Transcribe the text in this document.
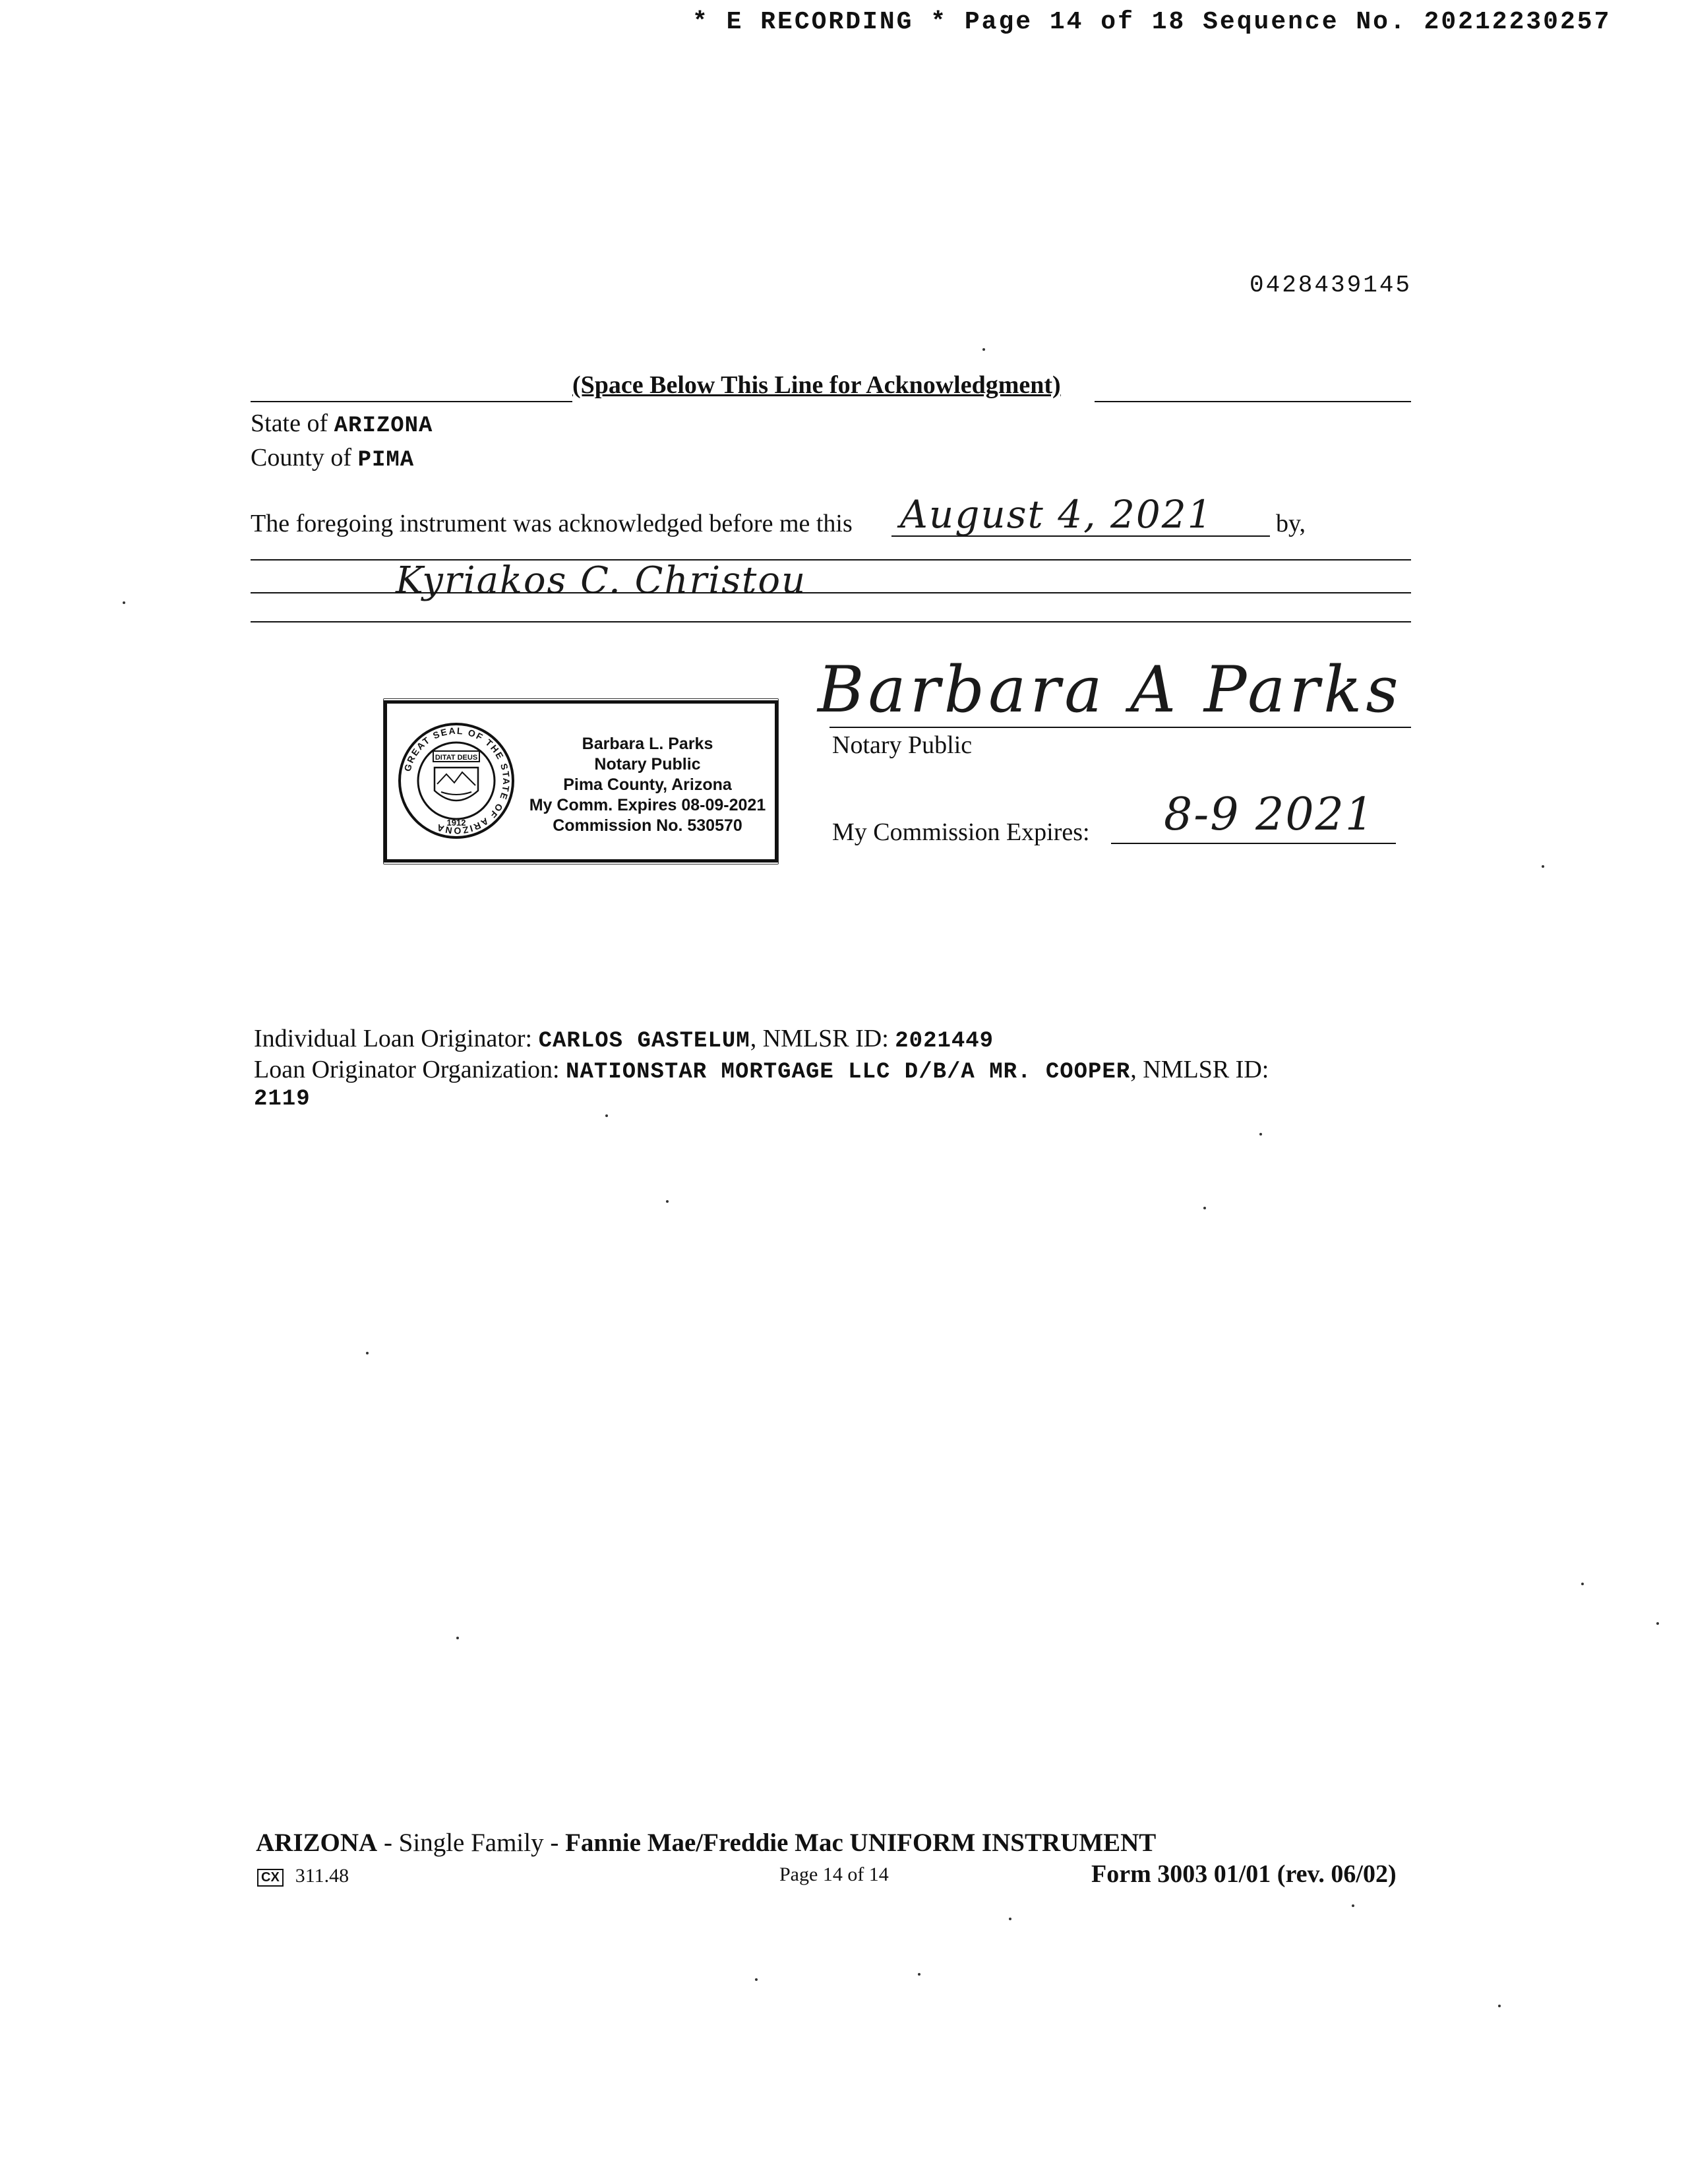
* E RECORDING * Page 14 of 18 Sequence No. 20212230257
0428439145
(Space Below This Line for Acknowledgment)
State of ARIZONA
County of PIMA
The foregoing instrument was acknowledged before me this August 4, 2021	by,
Kyriakos C. Christou
GREAT SEAL OF THE STATE OF ARIZONA
DITAT DEUS
1912
Barbara L. Parks
Notary Public
Pima County, Arizona
My Comm. Expires 08-09-2021
Commission No. 530570
Barbara A Parks
Notary Public
My Commission Expires: 8-9 2021
Individual Loan Originator: CARLOS GASTELUM, NMLSR ID: 2021449
Loan Originator Organization: NATIONSTAR MORTGAGE LLC D/B/A MR. COOPER, NMLSR ID:
2119
ARIZONA - Single Family - Fannie Mae/Freddie Mac UNIFORM INSTRUMENT
CX 311.48	Page 14 of 14	Form 3003 01/01 (rev. 06/02)
